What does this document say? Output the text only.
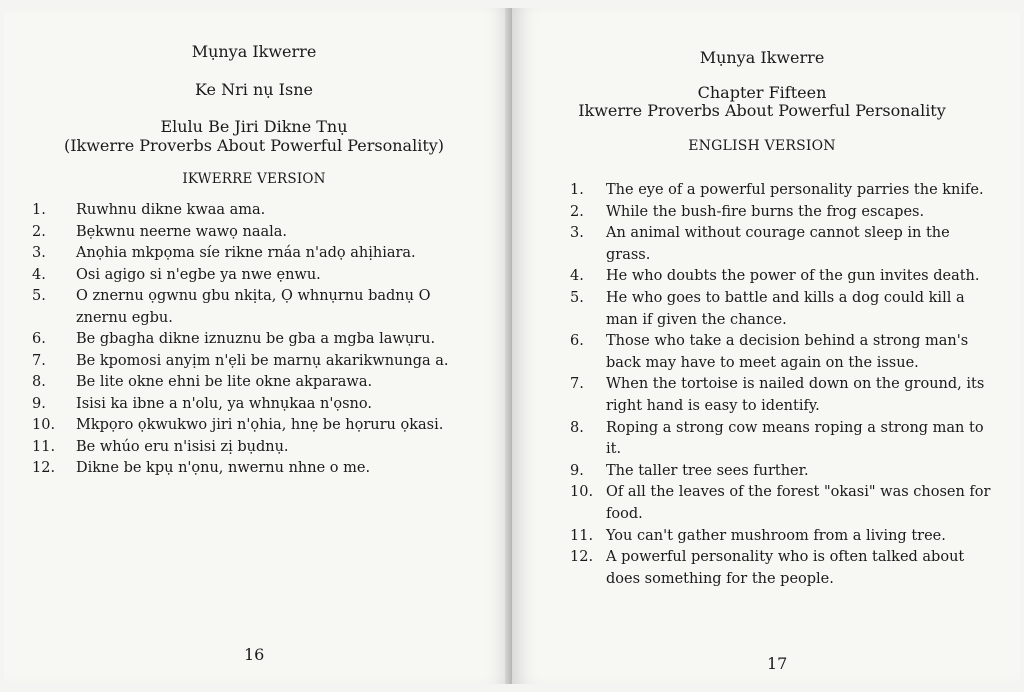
Mụnya Ikwerre
Ke Nri nụ Isne
Elulu Be Jiri Dikne Tnụ
(Ikwerre Proverbs About Powerful Personality)
IKWERRE VERSION
1.	Ruwhnu dikne kwaa ama.
2.	Bẹkwnu neerne wawọ naala.
3.	Anọhia mkpọma síe rikne rnáa n'adọ ahịhiara.
4.	Osi agigo si n'egbe ya nwe ẹnwu.
5.	O znernu ọgwnu gbu nkịta, Ọ whnụrnu badnụ O znernu egbu.
6.	Be gbagha dikne iznuznu be gba a mgba lawụru.
7.	Be kpomosi anyịm n'ẹli be marnụ akarikwnunga a.
8.	Be lite okne ehni be lite okne akparawa.
9.	Isisi ka ibne a n'olu, ya whnụkaa n'ọsno.
10.	Mkpọro ọkwukwo jiri n'ọhia, hnẹ be họruru ọkasi.
11.	Be whúo eru n'isisi zị bụdnụ.
12.	Dikne be kpụ n'ọnu, nwernu nhne o me.
16
Mụnya Ikwerre
Chapter Fifteen
Ikwerre Proverbs About Powerful Personality
ENGLISH VERSION
1.	The eye of a powerful personality parries the knife.
2.	While the bush-fire burns the frog escapes.
3.	An animal without courage cannot sleep in the grass.
4.	He who doubts the power of the gun invites death.
5.	He who goes to battle and kills a dog could kill a man if given the chance.
6.	Those who take a decision behind a strong man's back may have to meet again on the issue.
7.	When the tortoise is nailed down on the ground, its right hand is easy to identify.
8.	Roping a strong cow means roping a strong man to it.
9.	The taller tree sees further.
10. Of all the leaves of the forest "okasi" was chosen for food.
11. You can't gather mushroom from a living tree.
12. A powerful personality who is often talked about does something for the people.
17
